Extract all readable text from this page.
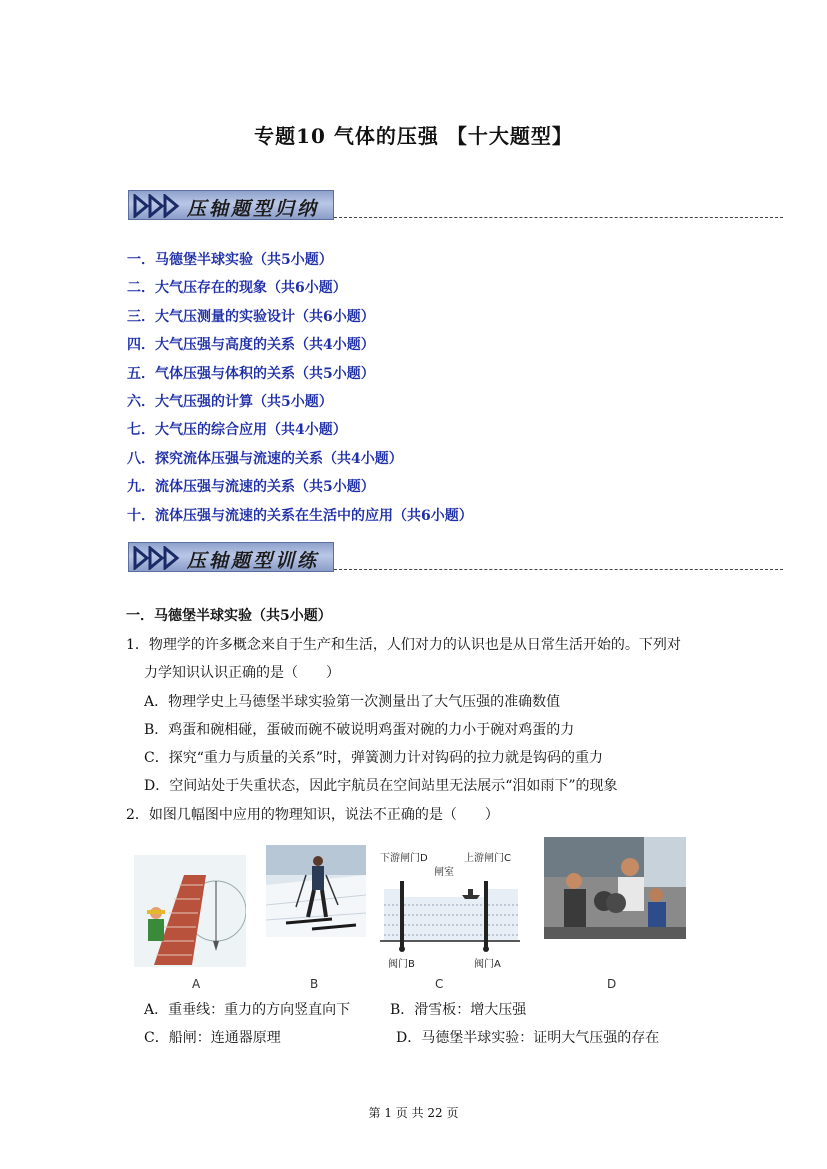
专题10 气体的压强 【十大题型】
压轴题型归纳
一．马德堡半球实验（共5小题）
二．大气压存在的现象（共6小题）
三．大气压测量的实验设计（共6小题）
四．大气压强与高度的关系（共4小题）
五．气体压强与体积的关系（共5小题）
六．大气压强的计算（共5小题）
七．大气压的综合应用（共4小题）
八．探究流体压强与流速的关系（共4小题）
九．流体压强与流速的关系（共5小题）
十．流体压强与流速的关系在生活中的应用（共6小题）
压轴题型训练
一．马德堡半球实验（共5小题）
1．物理学的许多概念来自于生产和生活，人们对力的认识也是从日常生活开始的。下列对
力学知识认识正确的是（　　）
A．物理学史上马德堡半球实验第一次测量出了大气压强的准确数值
B．鸡蛋和碗相碰，蛋破而碗不破说明鸡蛋对碗的力小于碗对鸡蛋的力
C．探究“重力与质量的关系”时，弹簧测力计对钩码的拉力就是钩码的重力
D．空间站处于失重状态，因此宇航员在空间站里无法展示“泪如雨下”的现象
2．如图几幅图中应用的物理知识，说法不正确的是（　　）
下游闸门D	上游闸门C
闸室
阀门B	阀门A
A	B	C	D
A．重垂线：重力的方向竖直向下	B．滑雪板：增大压强
C．船闸：连通器原理	D．马德堡半球实验：证明大气压强的存在
第 1 页 共 22 页
